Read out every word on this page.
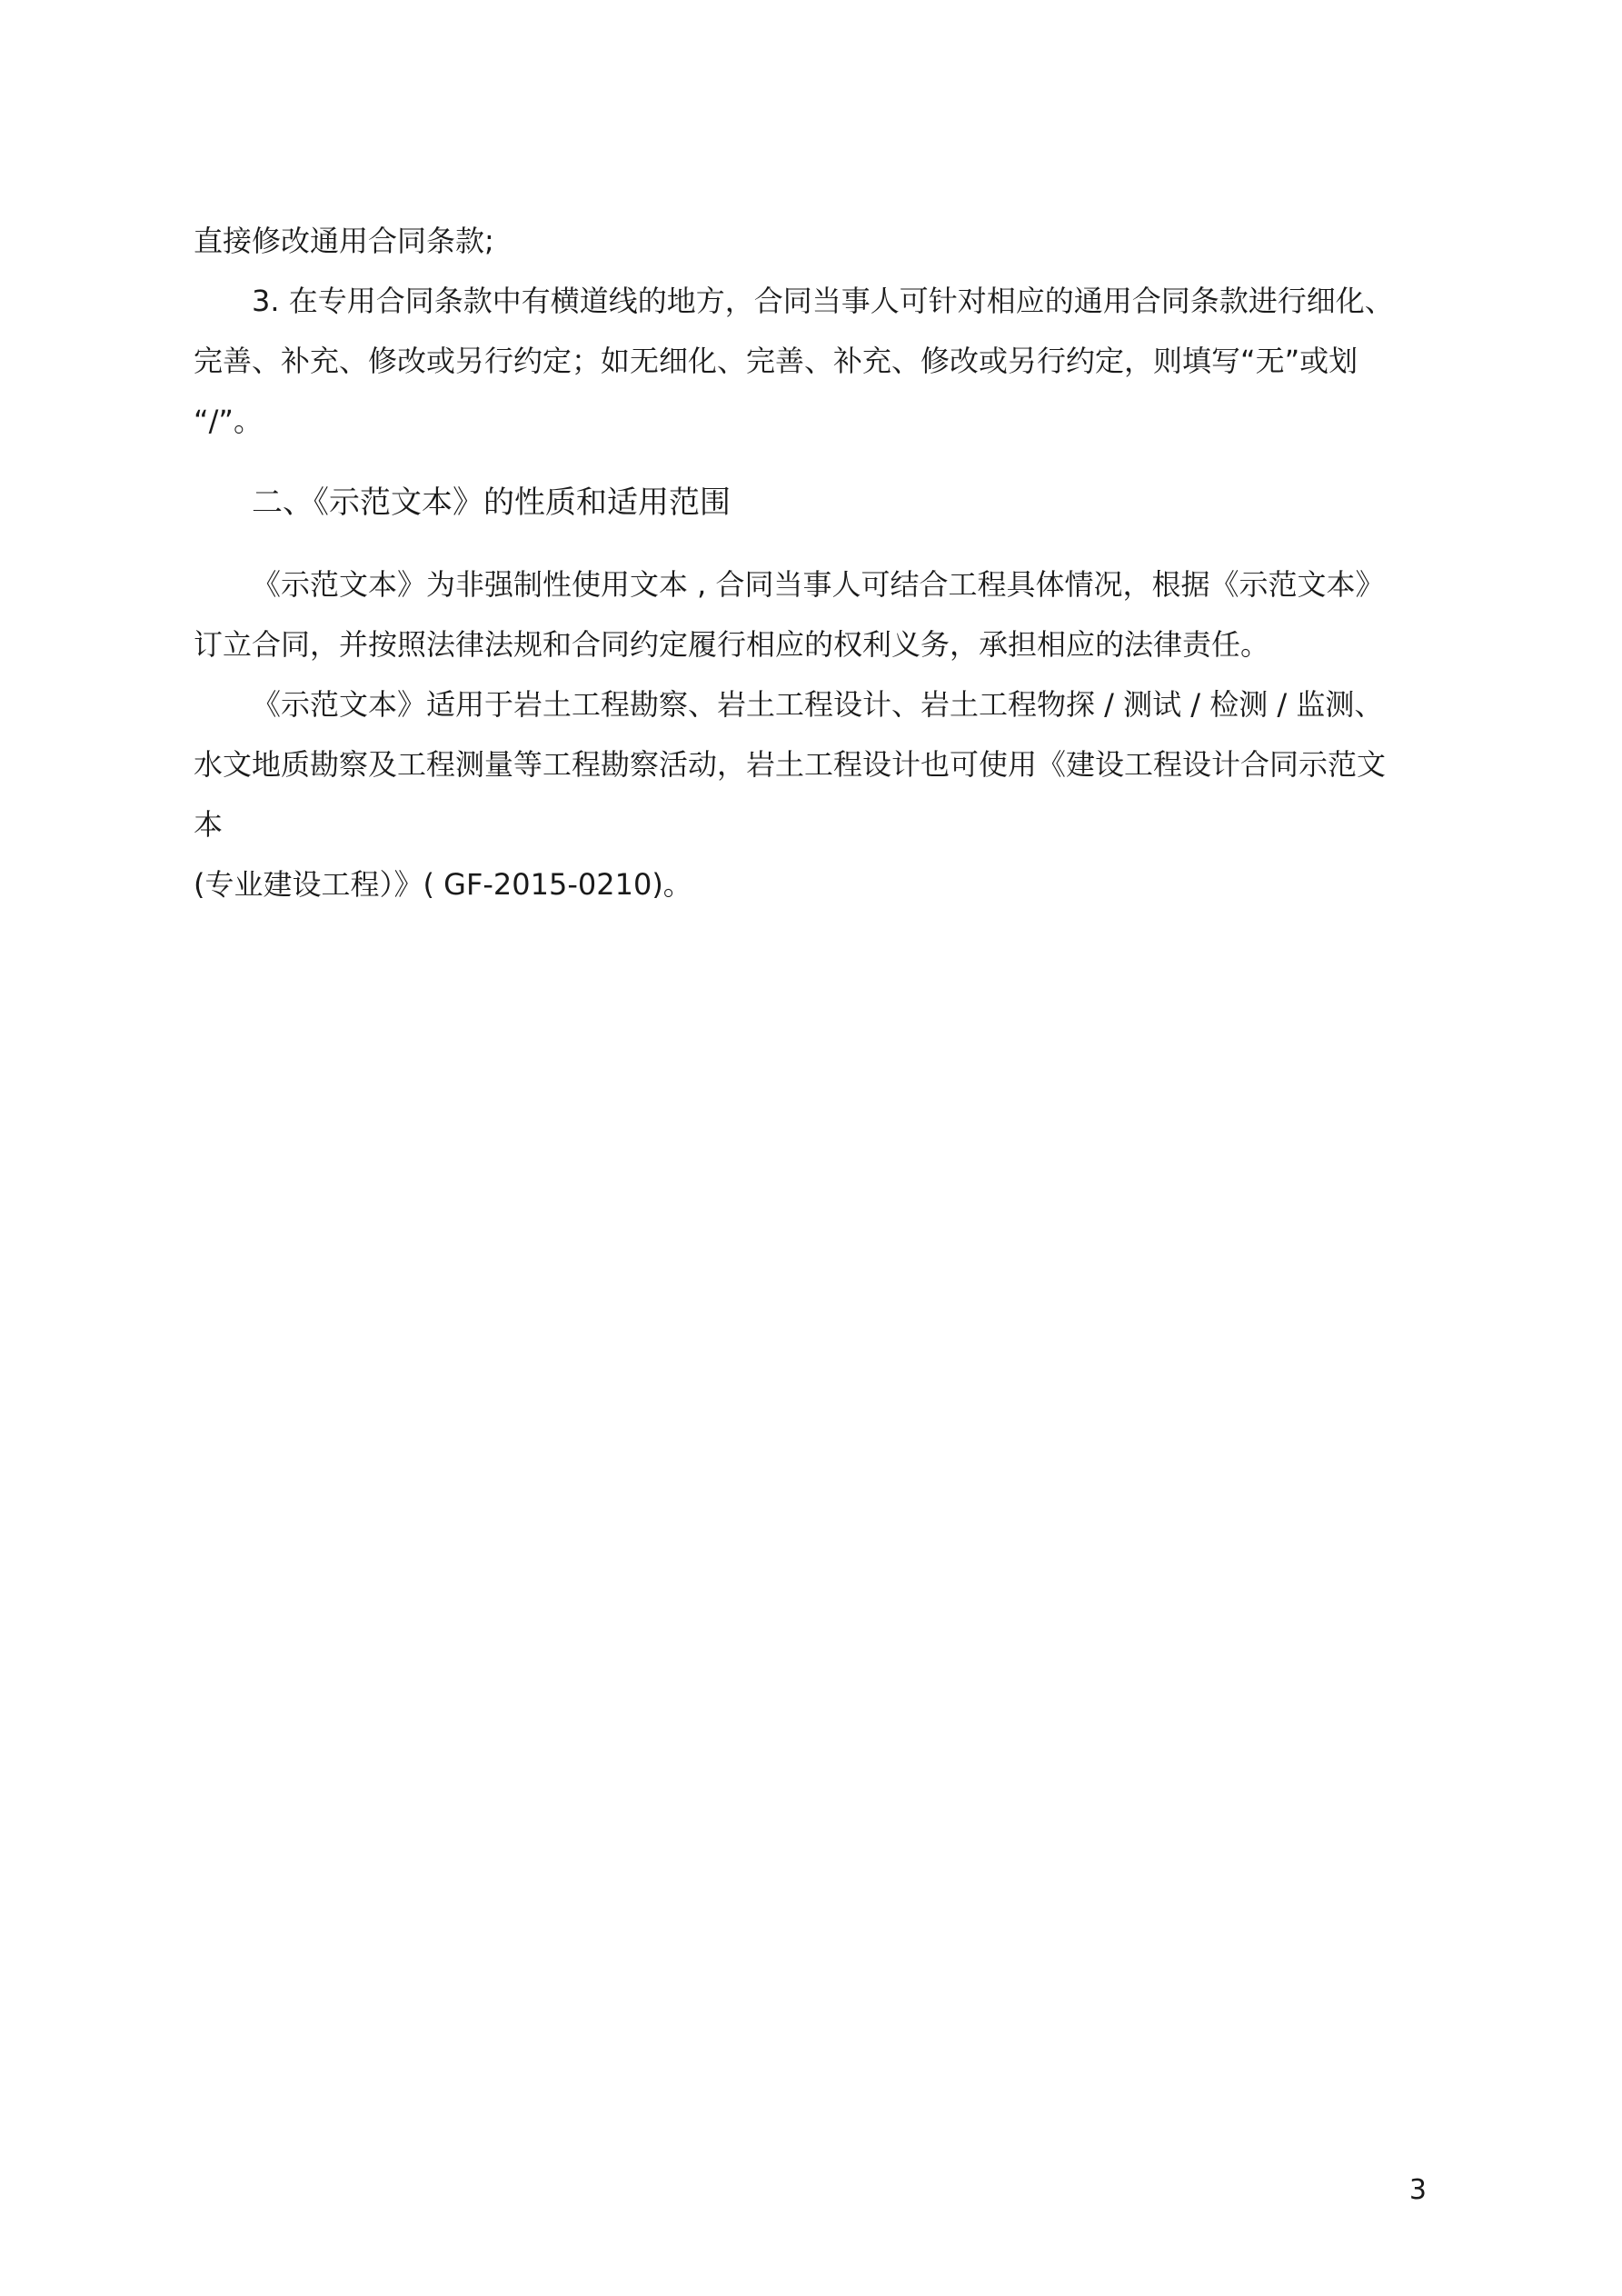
直接修改通用合同条款;

3. 在专用合同条款中有横道线的地方，合同当事人可针对相应的通用合同条款进行细化、

完善、补充、修改或另行约定；如无细化、完善、补充、修改或另行约定，则填写“无”或划

“/”。

二、《示范文本》的性质和适用范围

《示范文本》为非强制性使用文本 , 合同当事人可结合工程具体情况，根据《示范文本》

订立合同，并按照法律法规和合同约定履行相应的权利义务，承担相应的法律责任。

《示范文本》适用于岩土工程勘察、岩土工程设计、岩土工程物探 / 测试 / 检测 / 监测、

水文地质勘察及工程测量等工程勘察活动，岩土工程设计也可使用《建设工程设计合同示范文

本

(专业建设工程）》( GF-2015-0210)。

3
